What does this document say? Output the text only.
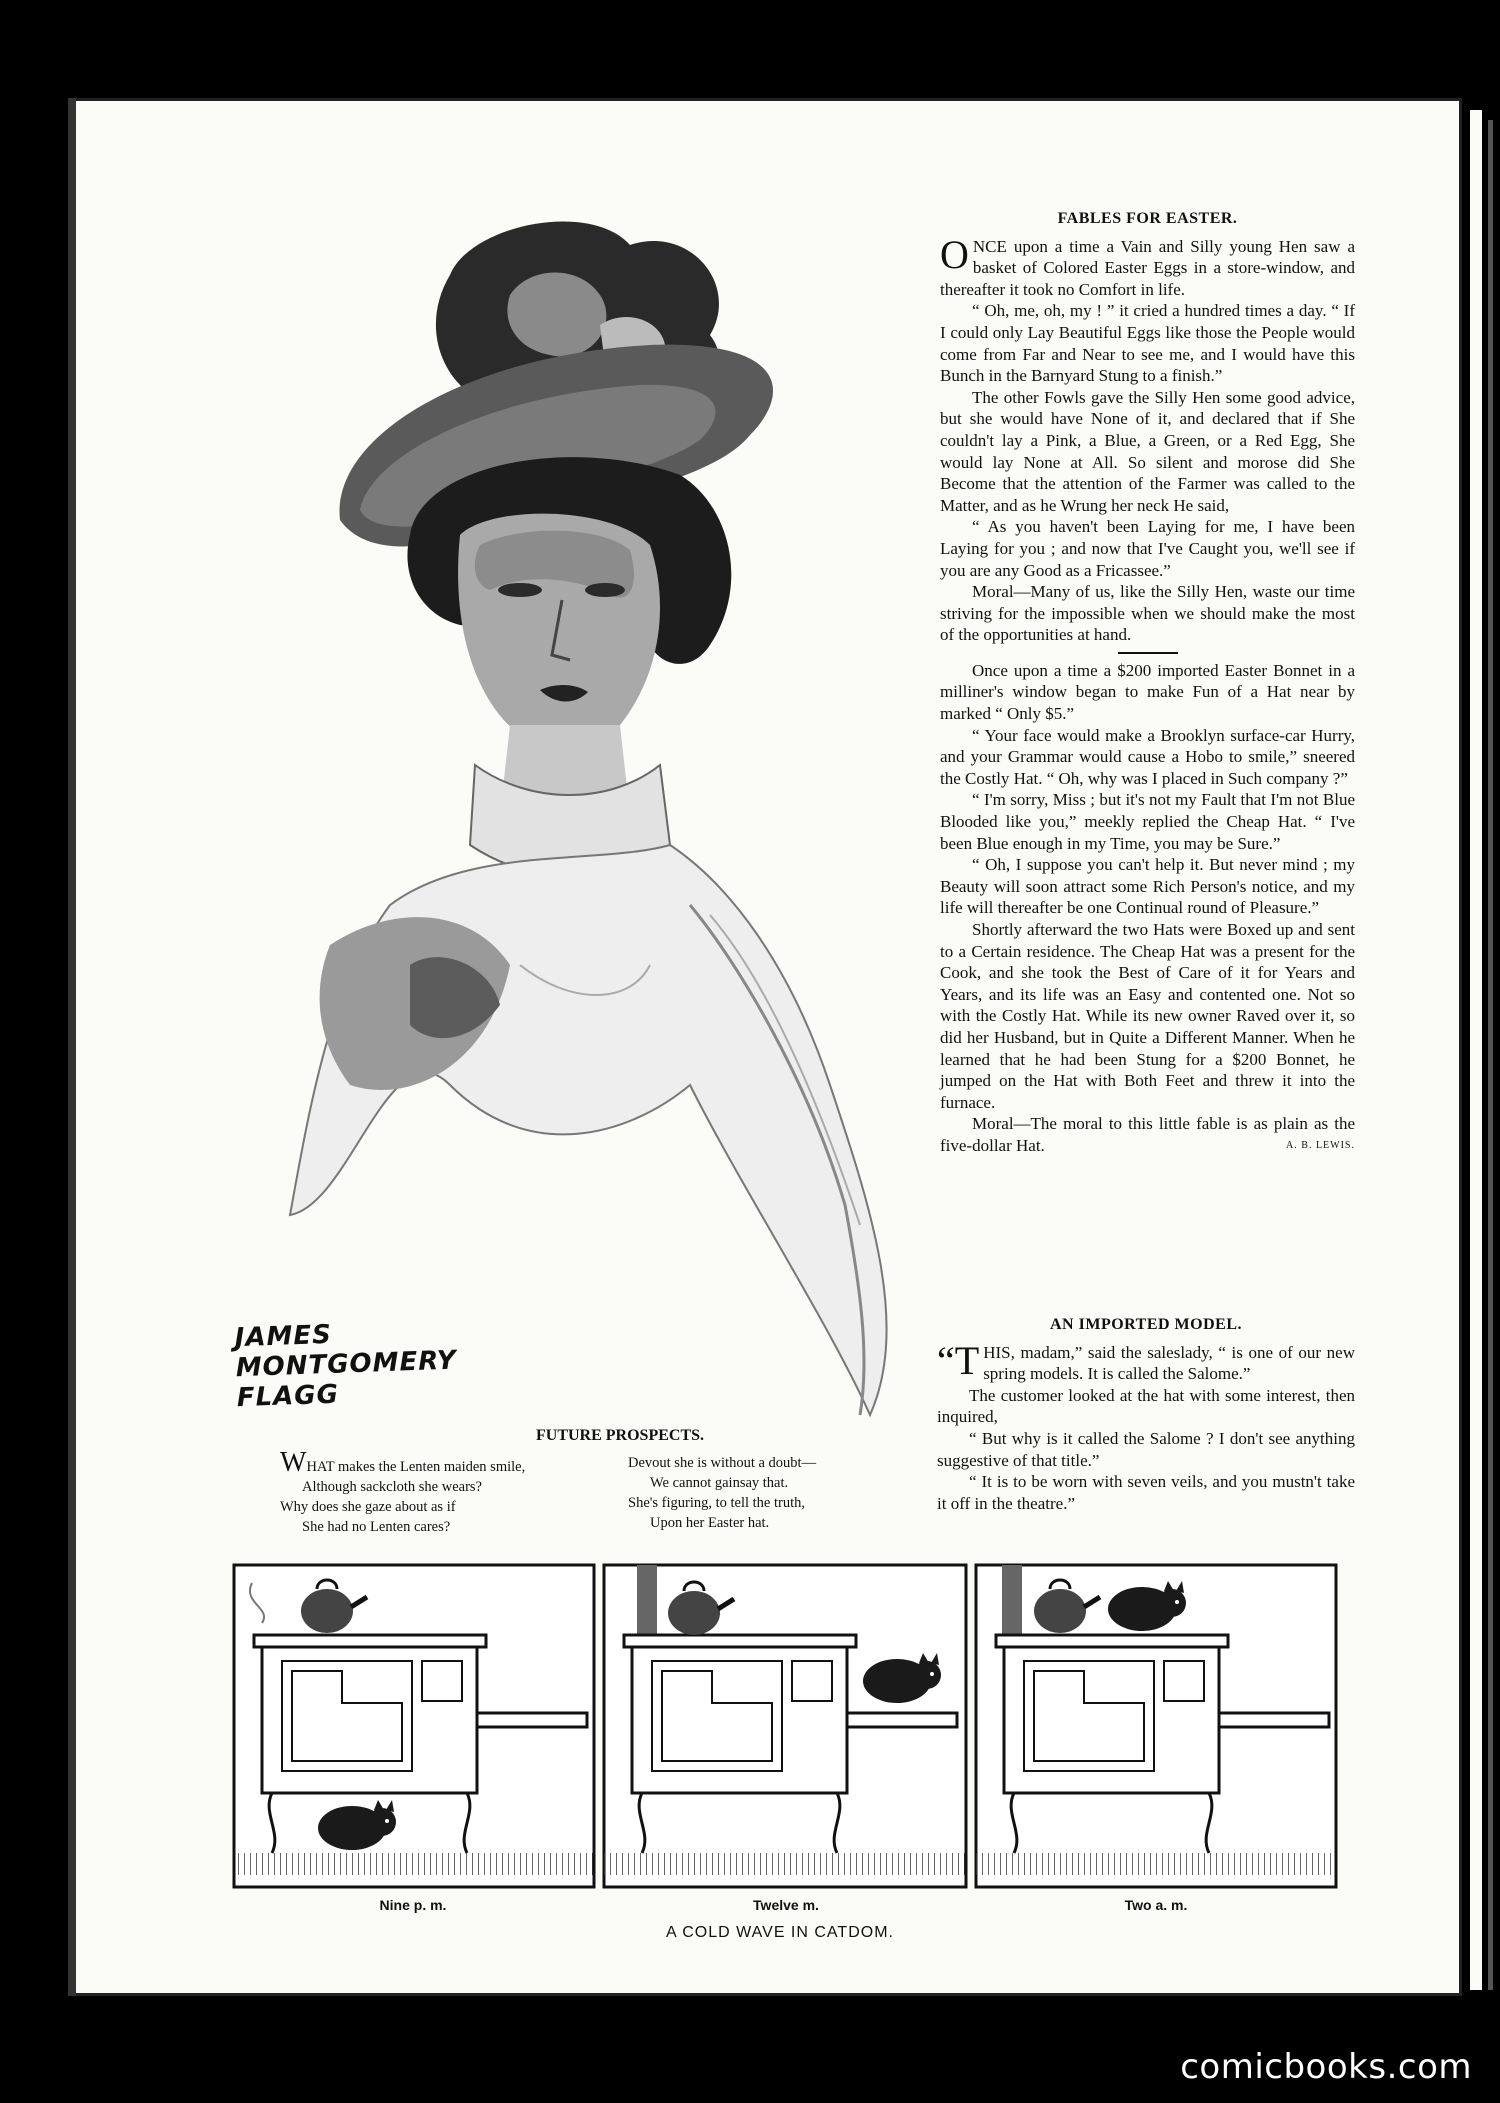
JAMES MONTGOMERY FLAGG
FABLES FOR EASTER.

ONCE upon a time a Vain and Silly young Hen saw a basket of Colored Easter Eggs in a store-window, and thereafter it took no Comfort in life.

“ Oh, me, oh, my ! ” it cried a hundred times a day. “ If I could only Lay Beautiful Eggs like those the People would come from Far and Near to see me, and I would have this Bunch in the Barnyard Stung to a finish.”

The other Fowls gave the Silly Hen some good advice, but she would have None of it, and declared that if She couldn't lay a Pink, a Blue, a Green, or a Red Egg, She would lay None at All. So silent and morose did She Become that the attention of the Farmer was called to the Matter, and as he Wrung her neck He said,

“ As you haven't been Laying for me, I have been Laying for you ; and now that I've Caught you, we'll see if you are any Good as a Fricassee.”

Moral—Many of us, like the Silly Hen, waste our time striving for the impossible when we should make the most of the opportunities at hand.

Once upon a time a $200 imported Easter Bonnet in a milliner's window began to make Fun of a Hat near by marked “ Only $5.”

“ Your face would make a Brooklyn surface-car Hurry, and your Grammar would cause a Hobo to smile,” sneered the Costly Hat. “ Oh, why was I placed in Such company ?”

“ I'm sorry, Miss ; but it's not my Fault that I'm not Blue Blooded like you,” meekly replied the Cheap Hat. “ I've been Blue enough in my Time, you may be Sure.”

“ Oh, I suppose you can't help it. But never mind ; my Beauty will soon attract some Rich Person's notice, and my life will thereafter be one Continual round of Pleasure.”

Shortly afterward the two Hats were Boxed up and sent to a Certain residence. The Cheap Hat was a present for the Cook, and she took the Best of Care of it for Years and Years, and its life was an Easy and contented one. Not so with the Costly Hat. While its new owner Raved over it, so did her Husband, but in Quite a Different Manner. When he learned that he had been Stung for a $200 Bonnet, he jumped on the Hat with Both Feet and threw it into the furnace.

Moral—The moral to this little fable is as plain as the five-dollar Hat.	A. B. LEWIS.

AN IMPORTED MODEL.

“THIS, madam,” said the saleslady, “ is one of our new spring models. It is called the Salome.”

The customer looked at the hat with some interest, then inquired,

“ But why is it called the Salome ? I don't see anything suggestive of that title.”

“ It is to be worn with seven veils, and you mustn't take it off in the theatre.”

FUTURE PROSPECTS.
WHAT makes the Lenten maiden smile,
Although sackcloth she wears?
Why does she gaze about as if
She had no Lenten cares?
Devout she is without a doubt—
We cannot gainsay that.
She's figuring, to tell the truth,
Upon her Easter hat.
Nine p. m.	Twelve m.	Two a. m.
A COLD WAVE IN CATDOM.
comicbooks.com
